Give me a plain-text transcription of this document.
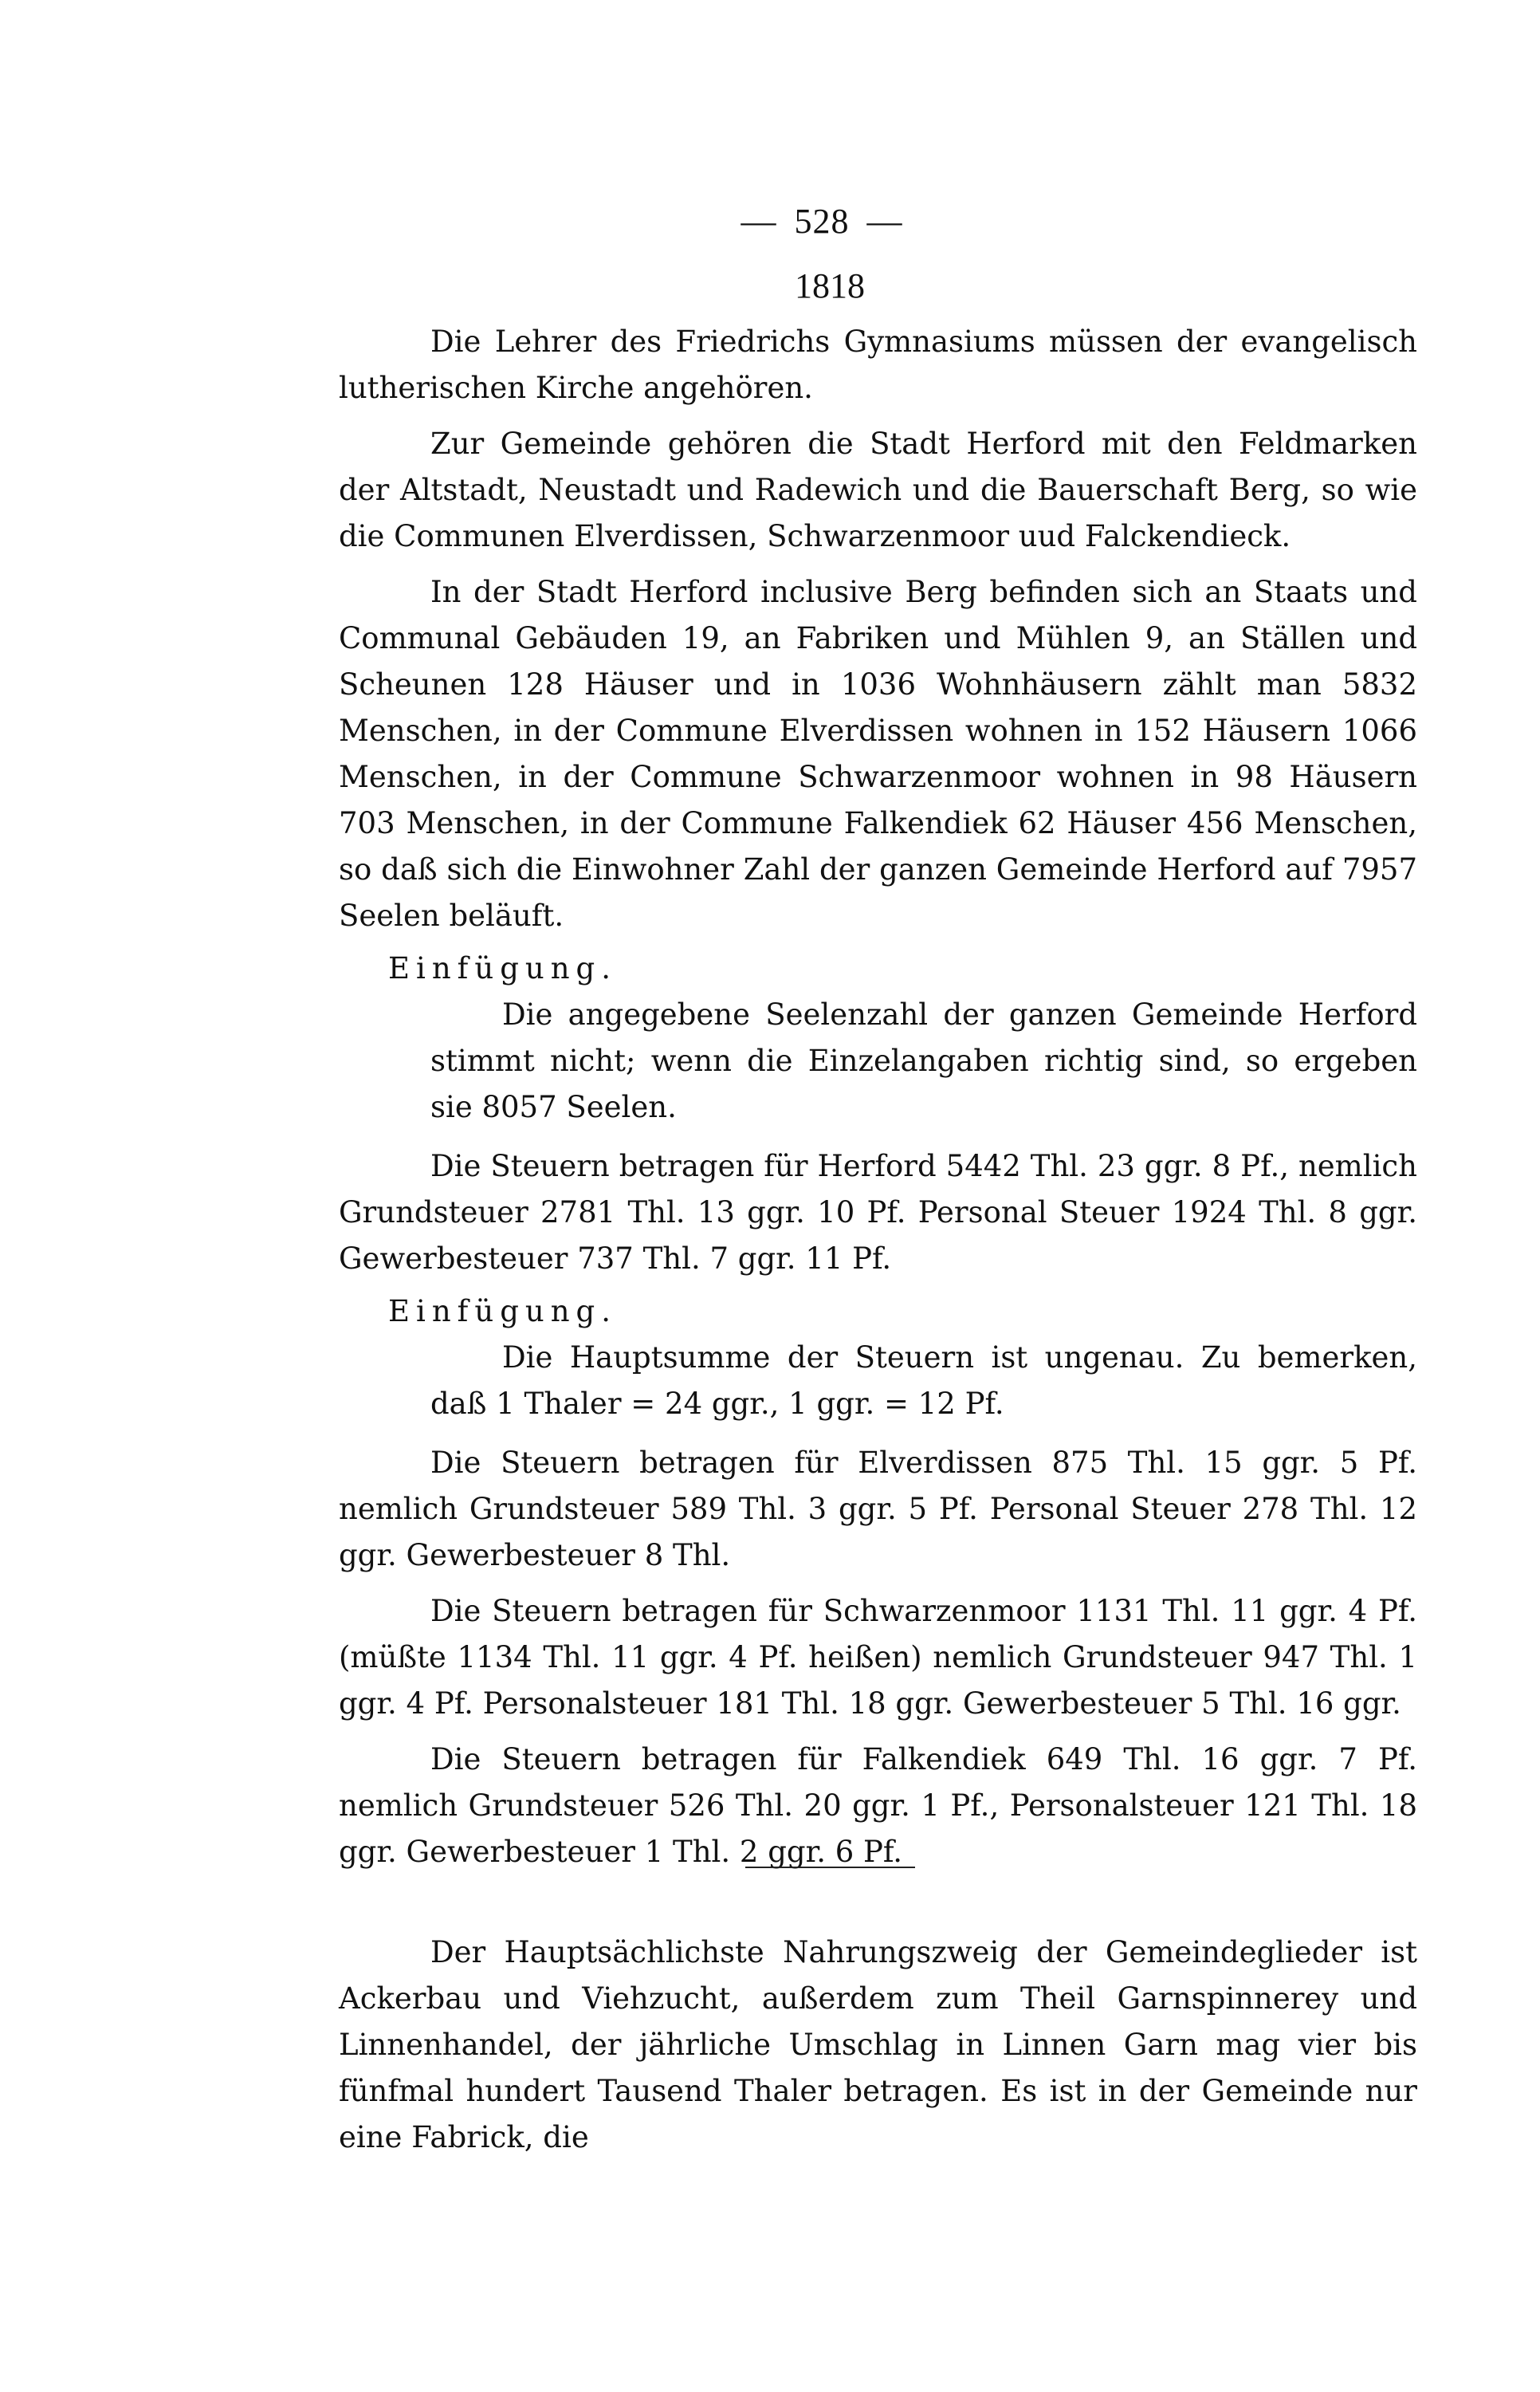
— 528 —
1818

Die Lehrer des Friedrichs Gymnasiums müssen der evangelisch lutherischen Kirche angehören.

Zur Gemeinde gehören die Stadt Herford mit den Feldmarken der Altstadt, Neustadt und Radewich und die Bauerschaft Berg, so wie die Communen Elverdissen, Schwarzenmoor uud Falckendieck.

In der Stadt Herford inclusive Berg befinden sich an Staats und Communal Gebäuden 19, an Fabriken und Mühlen 9, an Ställen und Scheunen 128 Häuser und in 1036 Wohnhäusern zählt man 5832 Menschen, in der Commune Elverdissen wohnen in 152 Häusern 1066 Menschen, in der Commune Schwarzenmoor wohnen in 98 Häusern 703 Menschen, in der Commune Falkendiek 62 Häuser 456 Menschen, so daß sich die Einwohner Zahl der ganzen Gemeinde Herford auf 7957 Seelen beläuft.

Einfügung.

Die angegebene Seelenzahl der ganzen Gemeinde Herford stimmt nicht; wenn die Einzelangaben richtig sind, so ergeben sie 8057 Seelen.

Die Steuern betragen für Herford 5442 Thl. 23 ggr. 8 Pf., nemlich Grundsteuer 2781 Thl. 13 ggr. 10 Pf. Personal Steuer 1924 Thl. 8 ggr. Gewerbesteuer 737 Thl. 7 ggr. 11 Pf.

Einfügung.

Die Hauptsumme der Steuern ist ungenau. Zu bemerken, daß 1 Thaler = 24 ggr., 1 ggr. = 12 Pf.

Die Steuern betragen für Elverdissen 875 Thl. 15 ggr. 5 Pf. nemlich Grundsteuer 589 Thl. 3 ggr. 5 Pf. Personal Steuer 278 Thl. 12 ggr. Gewerbesteuer 8 Thl.

Die Steuern betragen für Schwarzenmoor 1131 Thl. 11 ggr. 4 Pf. (müßte 1134 Thl. 11 ggr. 4 Pf. heißen) nemlich Grundsteuer 947 Thl. 1 ggr. 4 Pf. Personalsteuer 181 Thl. 18 ggr. Gewerbesteuer 5 Thl. 16 ggr.

Die Steuern betragen für Falkendiek 649 Thl. 16 ggr. 7 Pf. nemlich Grundsteuer 526 Thl. 20 ggr. 1 Pf., Personalsteuer 121 Thl. 18 ggr. Gewerbesteuer 1 Thl. 2 ggr. 6 Pf.

Der Hauptsächlichste Nahrungszweig der Gemeindeglieder ist Ackerbau und Viehzucht, außerdem zum Theil Garnspinnerey und Linnenhandel, der jährliche Umschlag in Linnen Garn mag vier bis fünfmal hundert Tausend Thaler betragen. Es ist in der Gemeinde nur eine Fabrick, die
